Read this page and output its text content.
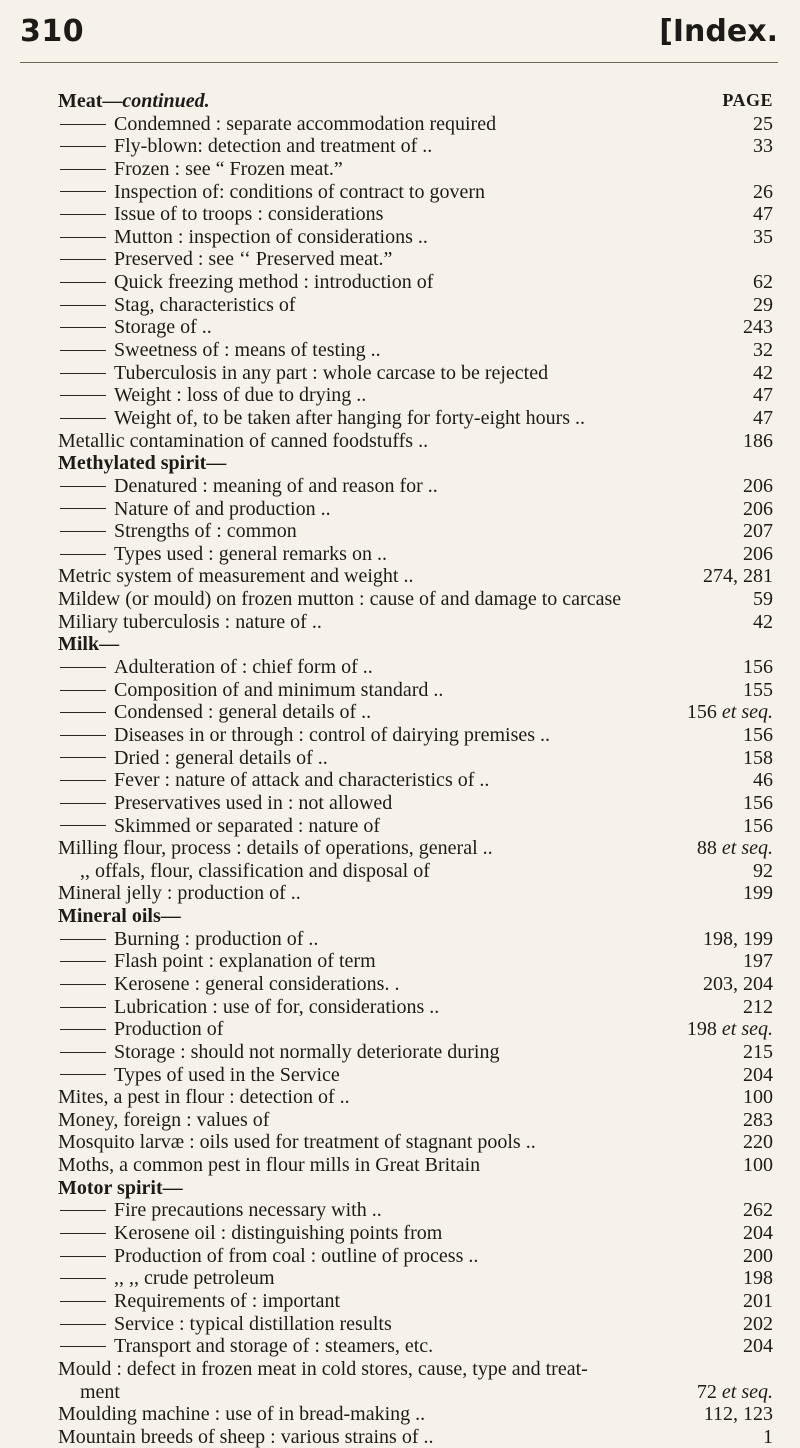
310	[Index.
PAGE
Meat—continued.
Condemned : separate accommodation required	25
Fly-blown: detection and treatment of ..	33
Frozen : see “ Frozen meat.”
Inspection of: conditions of contract to govern	26
Issue of to troops : considerations	47
Mutton : inspection of considerations ..	35
Preserved : see ‘‘ Preserved meat.”
Quick freezing method : introduction of	62
Stag, characteristics of	29
Storage of ..	243
Sweetness of : means of testing ..	32
Tuberculosis in any part : whole carcase to be rejected	42
Weight : loss of due to drying ..	47
Weight of, to be taken after hanging for forty-eight hours ..	47
Metallic contamination of canned foodstuffs ..	186
Methylated spirit—
Denatured : meaning of and reason for ..	206
Nature of and production ..	206
Strengths of : common	207
Types used : general remarks on ..	206
Metric system of measurement and weight ..	274, 281
Mildew (or mould) on frozen mutton : cause of and damage to carcase	59
Miliary tuberculosis : nature of ..	42
Milk—
Adulteration of : chief form of ..	156
Composition of and minimum standard ..	155
Condensed : general details of ..	156 et seq.
Diseases in or through : control of dairying premises ..	156
Dried : general details of ..	158
Fever : nature of attack and characteristics of ..	46
Preservatives used in : not allowed	156
Skimmed or separated : nature of	156
Milling flour, process : details of operations, general ..	88 et seq.
,, offals, flour, classification and disposal of	92
Mineral jelly : production of ..	199
Mineral oils—
Burning : production of ..	198, 199
Flash point : explanation of term	197
Kerosene : general considerations. .	203, 204
Lubrication : use of for, considerations ..	212
Production of	198 et seq.
Storage : should not normally deteriorate during	215
Types of used in the Service	204
Mites, a pest in flour : detection of ..	100
Money, foreign : values of	283
Mosquito larvæ : oils used for treatment of stagnant pools ..	220
Moths, a common pest in flour mills in Great Britain	100
Motor spirit—
Fire precautions necessary with ..	262
Kerosene oil : distinguishing points from	204
Production of from coal : outline of process ..	200
,, ,, crude petroleum	198
Requirements of : important	201
Service : typical distillation results	202
Transport and storage of : steamers, etc.	204
Mould : defect in frozen meat in cold stores, cause, type and treat-
ment	72 et seq.
Moulding machine : use of in bread-making ..	112, 123
Mountain breeds of sheep : various strains of ..	1
